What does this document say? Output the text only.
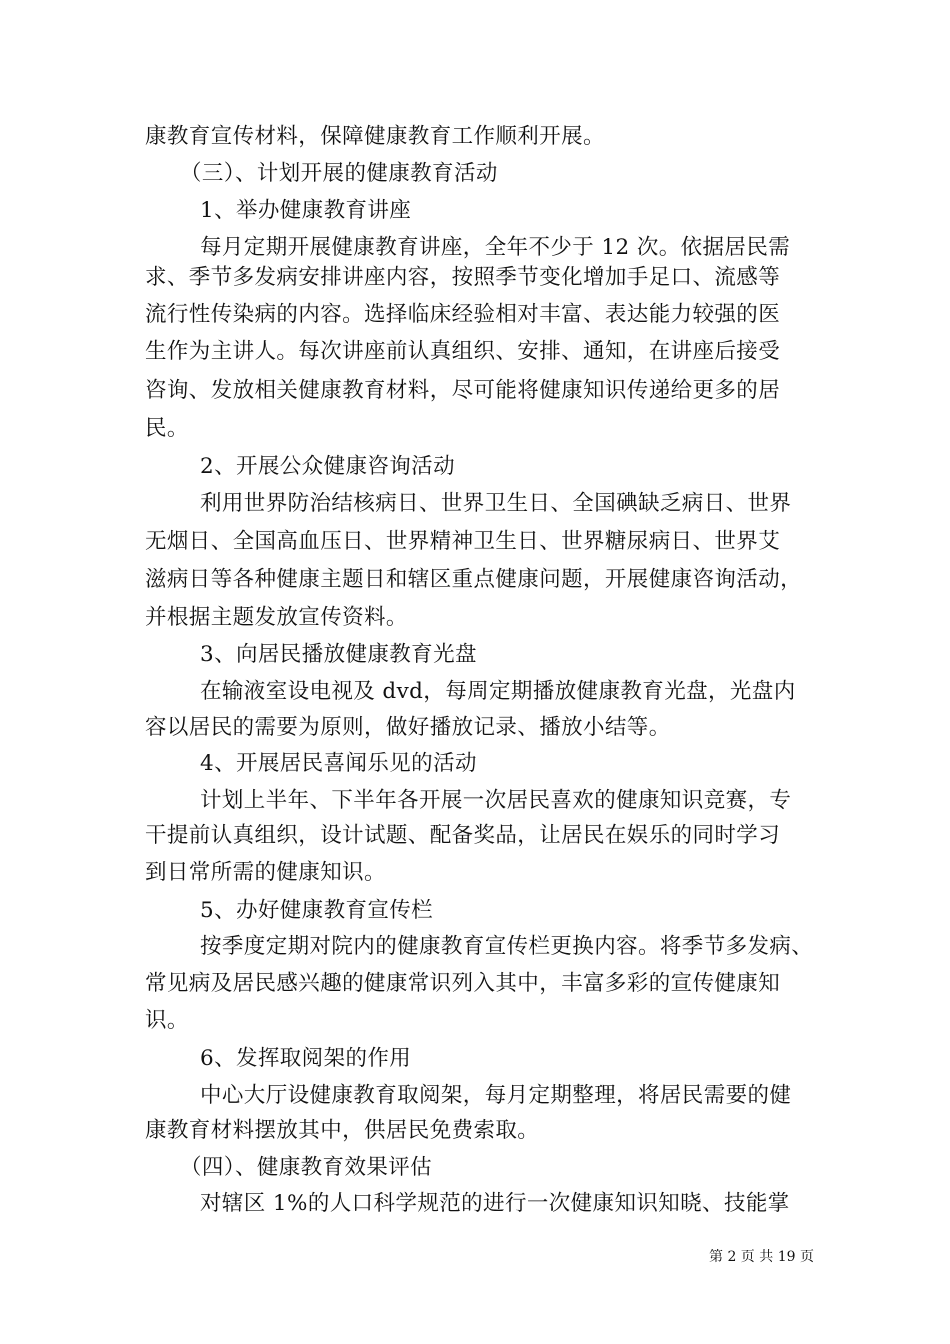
康教育宣传材料，保障健康教育工作顺利开展。
（三）、计划开展的健康教育活动
1、举办健康教育讲座
每月定期开展健康教育讲座，全年不少于 12 次。依据居民需
求、季节多发病安排讲座内容，按照季节变化增加手足口、流感等
流行性传染病的内容。选择临床经验相对丰富、表达能力较强的医
生作为主讲人。每次讲座前认真组织、安排、通知，在讲座后接受
咨询、发放相关健康教育材料，尽可能将健康知识传递给更多的居
民。
2、开展公众健康咨询活动
利用世界防治结核病日、世界卫生日、全国碘缺乏病日、世界
无烟日、全国高血压日、世界精神卫生日、世界糖尿病日、世界艾
滋病日等各种健康主题日和辖区重点健康问题，开展健康咨询活动，
并根据主题发放宣传资料。
3、向居民播放健康教育光盘
在输液室设电视及 dvd，每周定期播放健康教育光盘，光盘内
容以居民的需要为原则，做好播放记录、播放小结等。
4、开展居民喜闻乐见的活动
计划上半年、下半年各开展一次居民喜欢的健康知识竞赛，专
干提前认真组织，设计试题、配备奖品，让居民在娱乐的同时学习
到日常所需的健康知识。
5、办好健康教育宣传栏
按季度定期对院内的健康教育宣传栏更换内容。将季节多发病、
常见病及居民感兴趣的健康常识列入其中，丰富多彩的宣传健康知
识。
6、发挥取阅架的作用
中心大厅设健康教育取阅架，每月定期整理，将居民需要的健
康教育材料摆放其中，供居民免费索取。
（四）、健康教育效果评估
对辖区 1%的人口科学规范的进行一次健康知识知晓、技能掌
第 2 页 共 19 页
